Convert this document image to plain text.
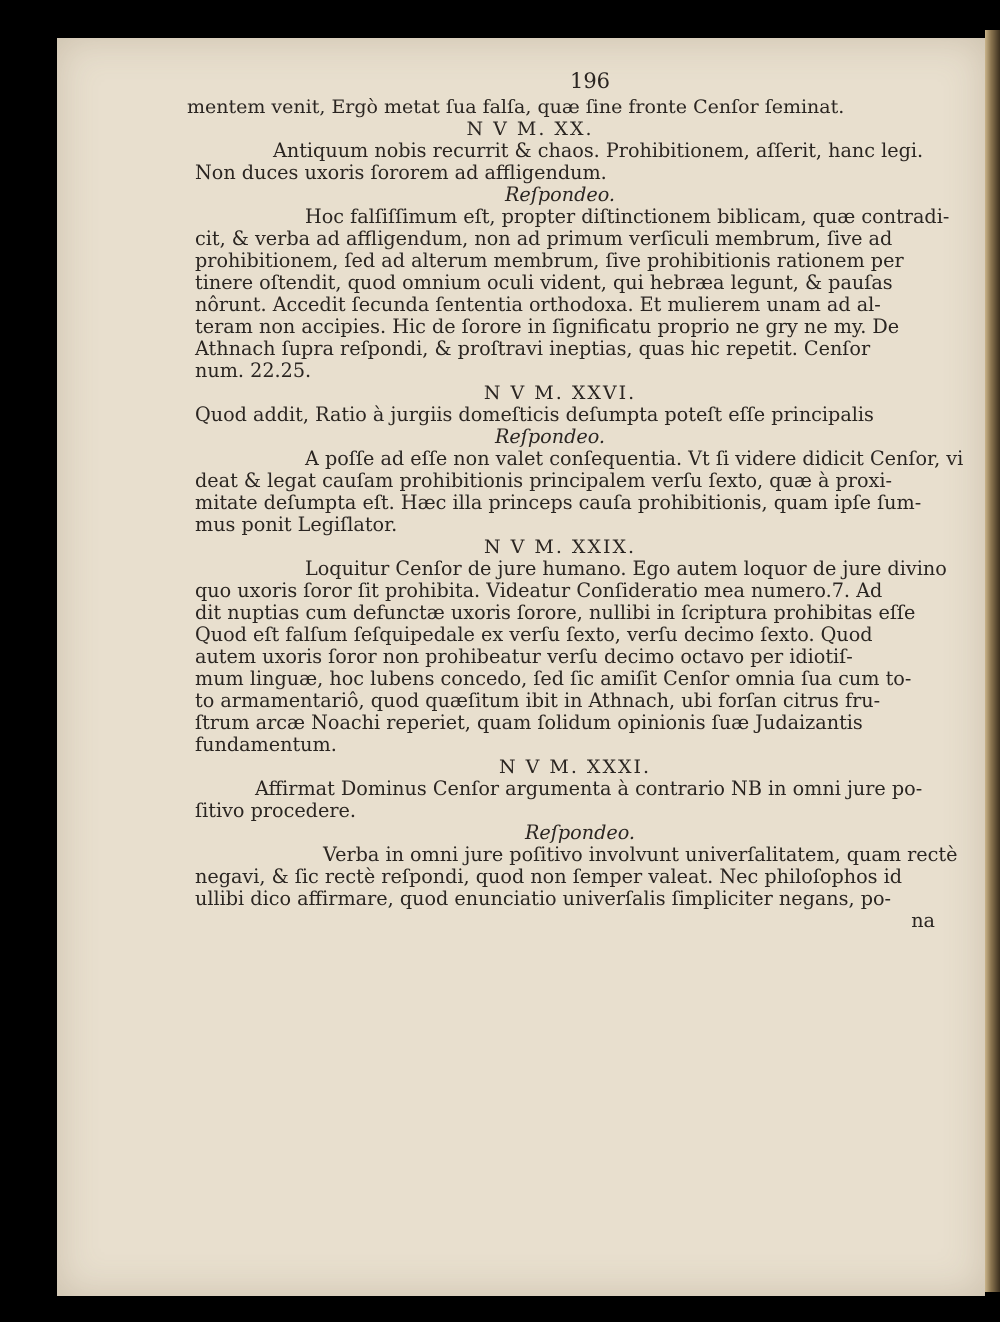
196
mentem venit, Ergò metat ſua falſa, quæ ſine fronte Cenſor ſeminat.
N V M. XX.
Antiquum nobis recurrit & chaos. Prohibitionem, aſſerit, hanc legi.
Non duces uxoris ſororem ad affligendum.
Reſpondeo.
Hoc falſiſſimum eſt, propter diſtinctionem biblicam, quæ contradi-
cit, & verba ad affligendum, non ad primum verſiculi membrum, ſive ad
prohibitionem, ſed ad alterum membrum, ſive prohibitionis rationem per
tinere oſtendit, quod omnium oculi vident, qui hebræa legunt, & pauſas
nôrunt. Accedit ſecunda ſententia orthodoxa. Et mulierem unam ad al-
teram non accipies. Hic de ſorore in ſignificatu proprio ne gry ne my. De
Athnach ſupra reſpondi, & proſtravi ineptias, quas hic repetit. Cenſor
num. 22.25.
N V M. XXVI.
Quod addit, Ratio à jurgiis domeſticis deſumpta poteſt eſſe principalis
Reſpondeo.
A poſſe ad eſſe non valet conſequentia. Vt ſi videre didicit Cenſor, vi
deat & legat cauſam prohibitionis principalem verſu ſexto, quæ à proxi-
mitate deſumpta eſt. Hæc illa princeps cauſa prohibitionis, quam ipſe ſum-
mus ponit Legiſlator.
N V M. XXIX.
Loquitur Cenſor de jure humano. Ego autem loquor de jure divino
quo uxoris ſoror ſit prohibita. Videatur Conſideratio mea numero.7. Ad
dit nuptias cum defunctæ uxoris ſorore, nullibi in ſcriptura prohibitas eſſe
Quod eſt falſum ſeſquipedale ex verſu ſexto, verſu decimo ſexto. Quod
autem uxoris ſoror non prohibeatur verſu decimo octavo per idiotiſ-
mum linguæ, hoc lubens concedo, ſed ſic amiſit Cenſor omnia ſua cum to-
to armamentariô, quod quæſitum ibit in Athnach, ubi forſan citrus fru-
ſtrum arcæ Noachi reperiet, quam ſolidum opinionis ſuæ Judaizantis
fundamentum.
N V M. XXXI.
Affirmat Dominus Cenſor argumenta à contrario NB in omni jure po-
ſitivo procedere.
Reſpondeo.
Verba in omni jure poſitivo involvunt univerſalitatem, quam rectè
negavi, & ſic rectè reſpondi, quod non ſemper valeat. Nec philoſophos id
ullibi dico affirmare, quod enunciatio univerſalis ſimpliciter negans, po-
na
